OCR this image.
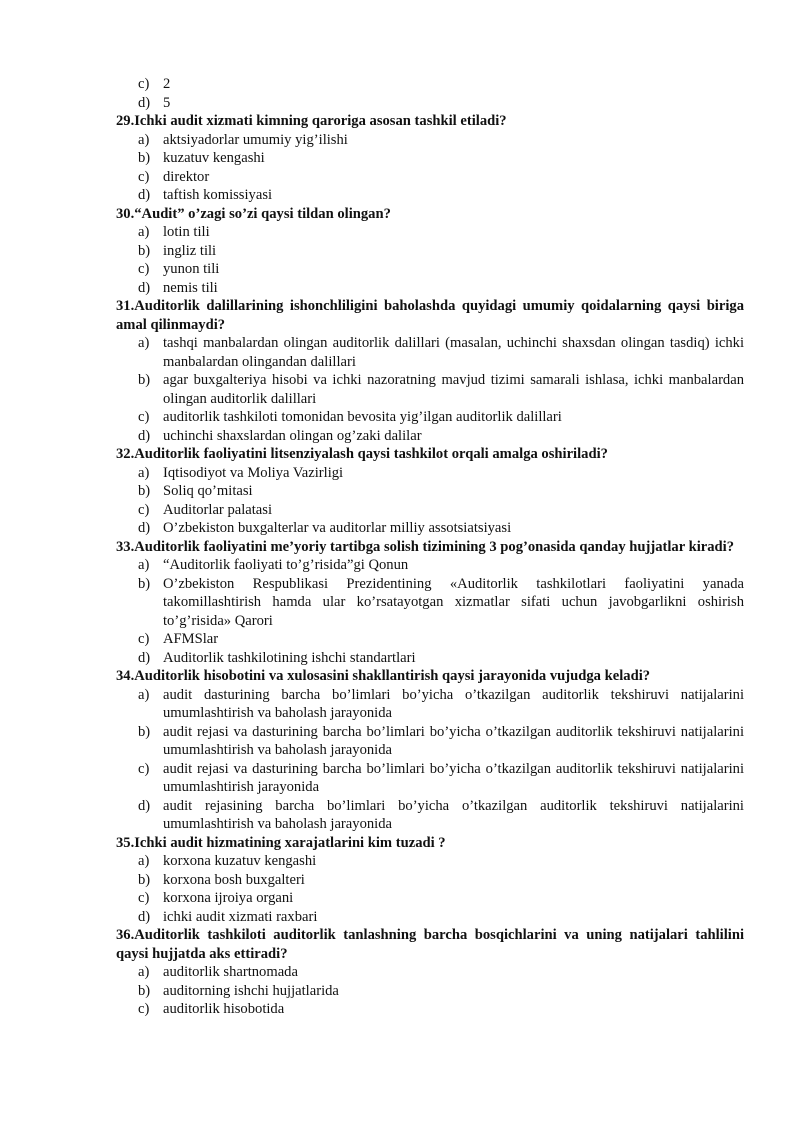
c) 2
d) 5
29.Ichki audit xizmati kimning qaroriga asosan tashkil etiladi?
a) aktsiyadorlar umumiy yig’ilishi
b) kuzatuv kengashi
c) direktor
d) taftish komissiyasi
30.“Audit” o’zagi so’zi qaysi tildan olingan?
a) lotin tili
b) ingliz tili
c) yunon tili
d) nemis tili
31.Auditorlik dalillarining ishonchliligini baholashda quyidagi umumiy qoidalarning qaysi biriga amal qilinmaydi?
a) tashqi manbalardan olingan auditorlik dalillari (masalan, uchinchi shaxsdan olingan tasdiq) ichki manbalardan olingandan dalillari
b) agar buxgalteriya hisobi va ichki nazoratning mavjud tizimi samarali ishlasa, ichki manbalardan olingan auditorlik dalillari
c) auditorlik tashkiloti tomonidan bevosita yig’ilgan auditorlik dalillari
d) uchinchi shaxslardan olingan og’zaki dalilar
32.Auditorlik faoliyatini litsenziyalash qaysi tashkilot orqali amalga oshiriladi?
a) Iqtisodiyot va Moliya Vazirligi
b) Soliq qo’mitasi
c) Auditorlar palatasi
d) O’zbekiston buxgalterlar va auditorlar milliy assotsiatsiyasi
33.Auditorlik faoliyatini me’yoriy tartibga solish tizimining 3 pog’onasida qanday hujjatlar kiradi?
a) “Auditorlik faoliyati to’g’risida”gi Qonun
b) O’zbekiston Respublikasi Prezidentining «Auditorlik tashkilotlari faoliyatini yanada takomillashtirish hamda ular ko’rsatayotgan xizmatlar sifati uchun javobgarlikni oshirish to’g’risida» Qarori
c) AFMSlar
d) Auditorlik tashkilotining ishchi standartlari
34.Auditorlik hisobotini va xulosasini shakllantirish qaysi jarayonida vujudga keladi?
a) audit dasturining barcha bo’limlari bo’yicha o’tkazilgan auditorlik tekshiruvi natijalarini umumlashtirish va baholash jarayonida
b) audit rejasi va dasturining barcha bo’limlari bo’yicha o’tkazilgan auditorlik tekshiruvi natijalarini umumlashtirish va baholash jarayonida
c) audit rejasi va dasturining barcha bo’limlari bo’yicha o’tkazilgan auditorlik tekshiruvi natijalarini umumlashtirish jarayonida
d) audit rejasining barcha bo’limlari bo’yicha o’tkazilgan auditorlik tekshiruvi natijalarini umumlashtirish va baholash jarayonida
35.Ichki audit hizmatining xarajatlarini kim tuzadi ?
a) korxona kuzatuv kengashi
b) korxona bosh buxgalteri
c) korxona ijroiya organi
d) ichki audit xizmati raxbari
36.Auditorlik tashkiloti auditorlik tanlashning barcha bosqichlarini va uning natijalari tahlilini qaysi hujjatda aks ettiradi?
a) auditorlik shartnomada
b) auditorning ishchi hujjatlarida
c) auditorlik hisobotida
